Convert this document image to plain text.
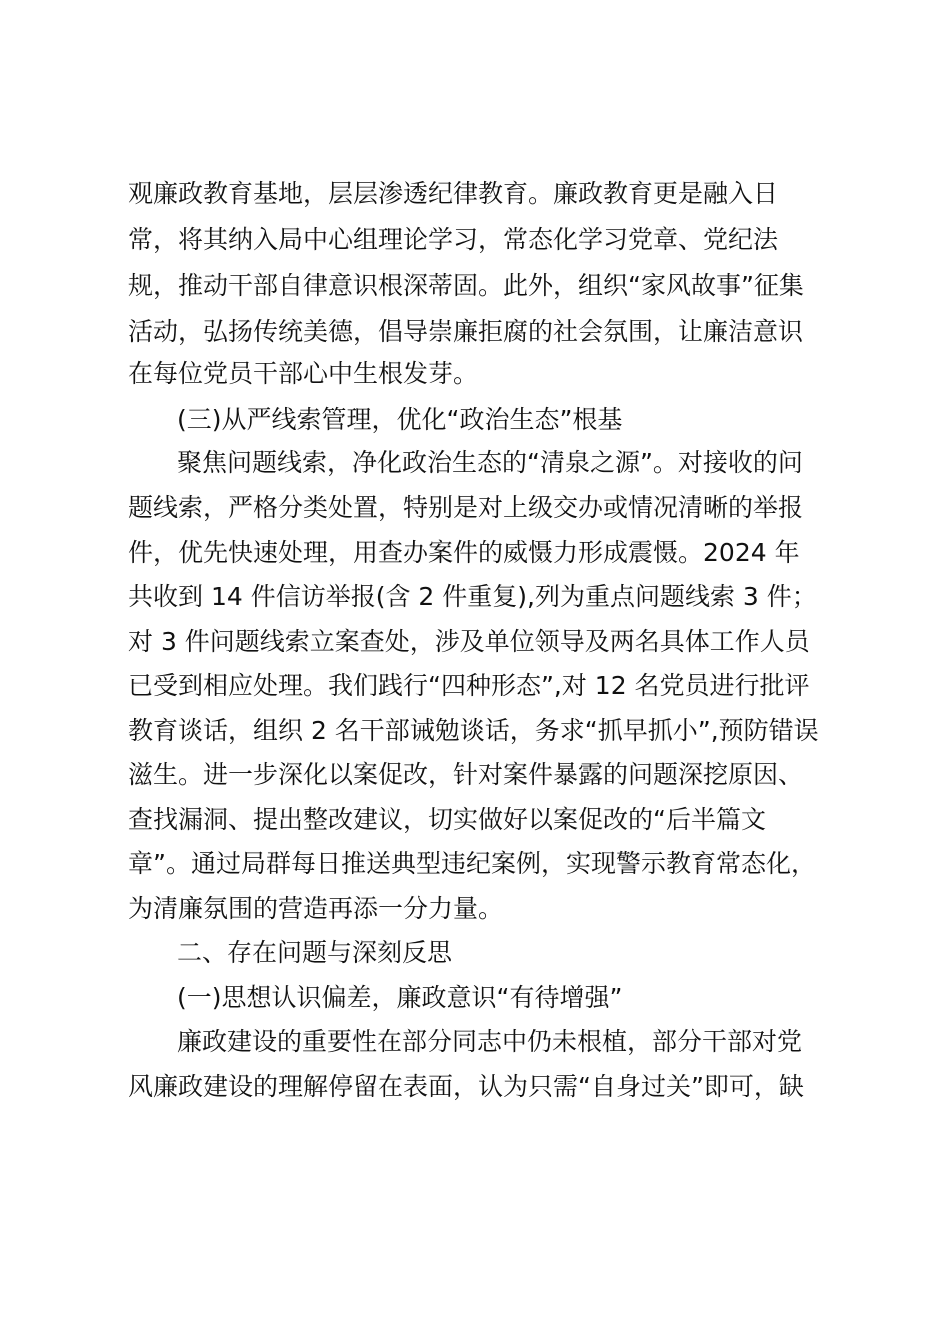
观廉政教育基地，层层渗透纪律教育。廉政教育更是融入日
常，将其纳入局中心组理论学习，常态化学习党章、党纪法
规，推动干部自律意识根深蒂固。此外，组织“家风故事”征集
活动，弘扬传统美德，倡导崇廉拒腐的社会氛围，让廉洁意识
在每位党员干部心中生根发芽。
(三)从严线索管理，优化“政治生态”根基
聚焦问题线索，净化政治生态的“清泉之源”。对接收的问
题线索，严格分类处置，特别是对上级交办或情况清晰的举报
件，优先快速处理，用查办案件的威慑力形成震慑。2024 年
共收到 14 件信访举报(含 2 件重复),列为重点问题线索 3 件；
对 3 件问题线索立案查处，涉及单位领导及两名具体工作人员
已受到相应处理。我们践行“四种形态”,对 12 名党员进行批评
教育谈话，组织 2 名干部诫勉谈话，务求“抓早抓小”,预防错误
滋生。进一步深化以案促改，针对案件暴露的问题深挖原因、
查找漏洞、提出整改建议，切实做好以案促改的“后半篇文
章”。通过局群每日推送典型违纪案例，实现警示教育常态化，
为清廉氛围的营造再添一分力量。
二、存在问题与深刻反思
(一)思想认识偏差，廉政意识“有待增强”
廉政建设的重要性在部分同志中仍未根植，部分干部对党
风廉政建设的理解停留在表面，认为只需“自身过关”即可，缺
